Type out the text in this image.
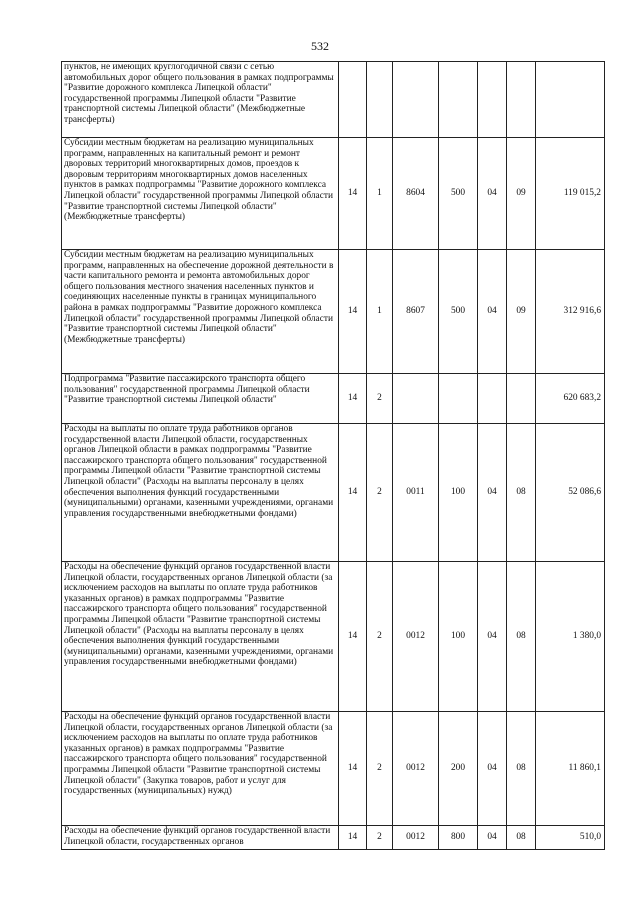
532
пунктов, не имеющих круглогодичной связи с сетью автомобильных дорог общего пользования в рамках подпрограммы "Развитие дорожного комплекса Липецкой области" государственной программы Липецкой области "Развитие транспортной системы Липецкой области" (Межбюджетные трансферты)							
Субсидии местным бюджетам на реализацию муниципальных программ, направленных на капитальный ремонт и ремонт дворовых территорий многоквартирных домов, проездов к дворовым территориям многоквартирных домов населенных пунктов в рамках подпрограммы "Развитие дорожного комплекса Липецкой области" государственной программы Липецкой области "Развитие транспортной системы Липецкой области" (Межбюджетные трансферты)	14	1	8604	500	04	09	119 015,2
Субсидии местным бюджетам на реализацию муниципальных программ, направленных на обеспечение дорожной деятельности в части капитального ремонта и ремонта автомобильных дорог общего пользования местного значения населенных пунктов и соединяющих населенные пункты в границах муниципального района в рамках подпрограммы "Развитие дорожного комплекса Липецкой области" государственной программы Липецкой области "Развитие транспортной системы Липецкой области" (Межбюджетные трансферты)	14	1	8607	500	04	09	312 916,6
Подпрограмма "Развитие пассажирского транспорта общего пользования" государственной программы Липецкой области "Развитие транспортной системы Липецкой области"	14	2					620 683,2
Расходы на выплаты по оплате труда работников органов государственной власти Липецкой области, государственных органов Липецкой области в рамках подпрограммы "Развитие пассажирского транспорта общего пользования" государственной программы Липецкой области "Развитие транспортной системы Липецкой области" (Расходы на выплаты персоналу в целях обеспечения выполнения функций государственными (муниципальными) органами, казенными учреждениями, органами управления государственными внебюджетными фондами)	14	2	0011	100	04	08	52 086,6
Расходы на обеспечение функций органов государственной власти Липецкой области, государственных органов Липецкой области (за исключением расходов на выплаты по оплате труда работников указанных органов) в рамках подпрограммы "Развитие пассажирского транспорта общего пользования" государственной программы Липецкой области "Развитие транспортной системы Липецкой области" (Расходы на выплаты персоналу в целях обеспечения выполнения функций государственными (муниципальными) органами, казенными учреждениями, органами управления государственными внебюджетными фондами)	14	2	0012	100	04	08	1 380,0
Расходы на обеспечение функций органов государственной власти Липецкой области, государственных органов Липецкой области (за исключением расходов на выплаты по оплате труда работников указанных органов) в рамках подпрограммы "Развитие пассажирского транспорта общего пользования" государственной программы Липецкой области "Развитие транспортной системы Липецкой области" (Закупка товаров, работ и услуг для государственных (муниципальных) нужд)	14	2	0012	200	04	08	11 860,1
Расходы на обеспечение функций органов государственной власти Липецкой области, государственных органов	14	2	0012	800	04	08	510,0
